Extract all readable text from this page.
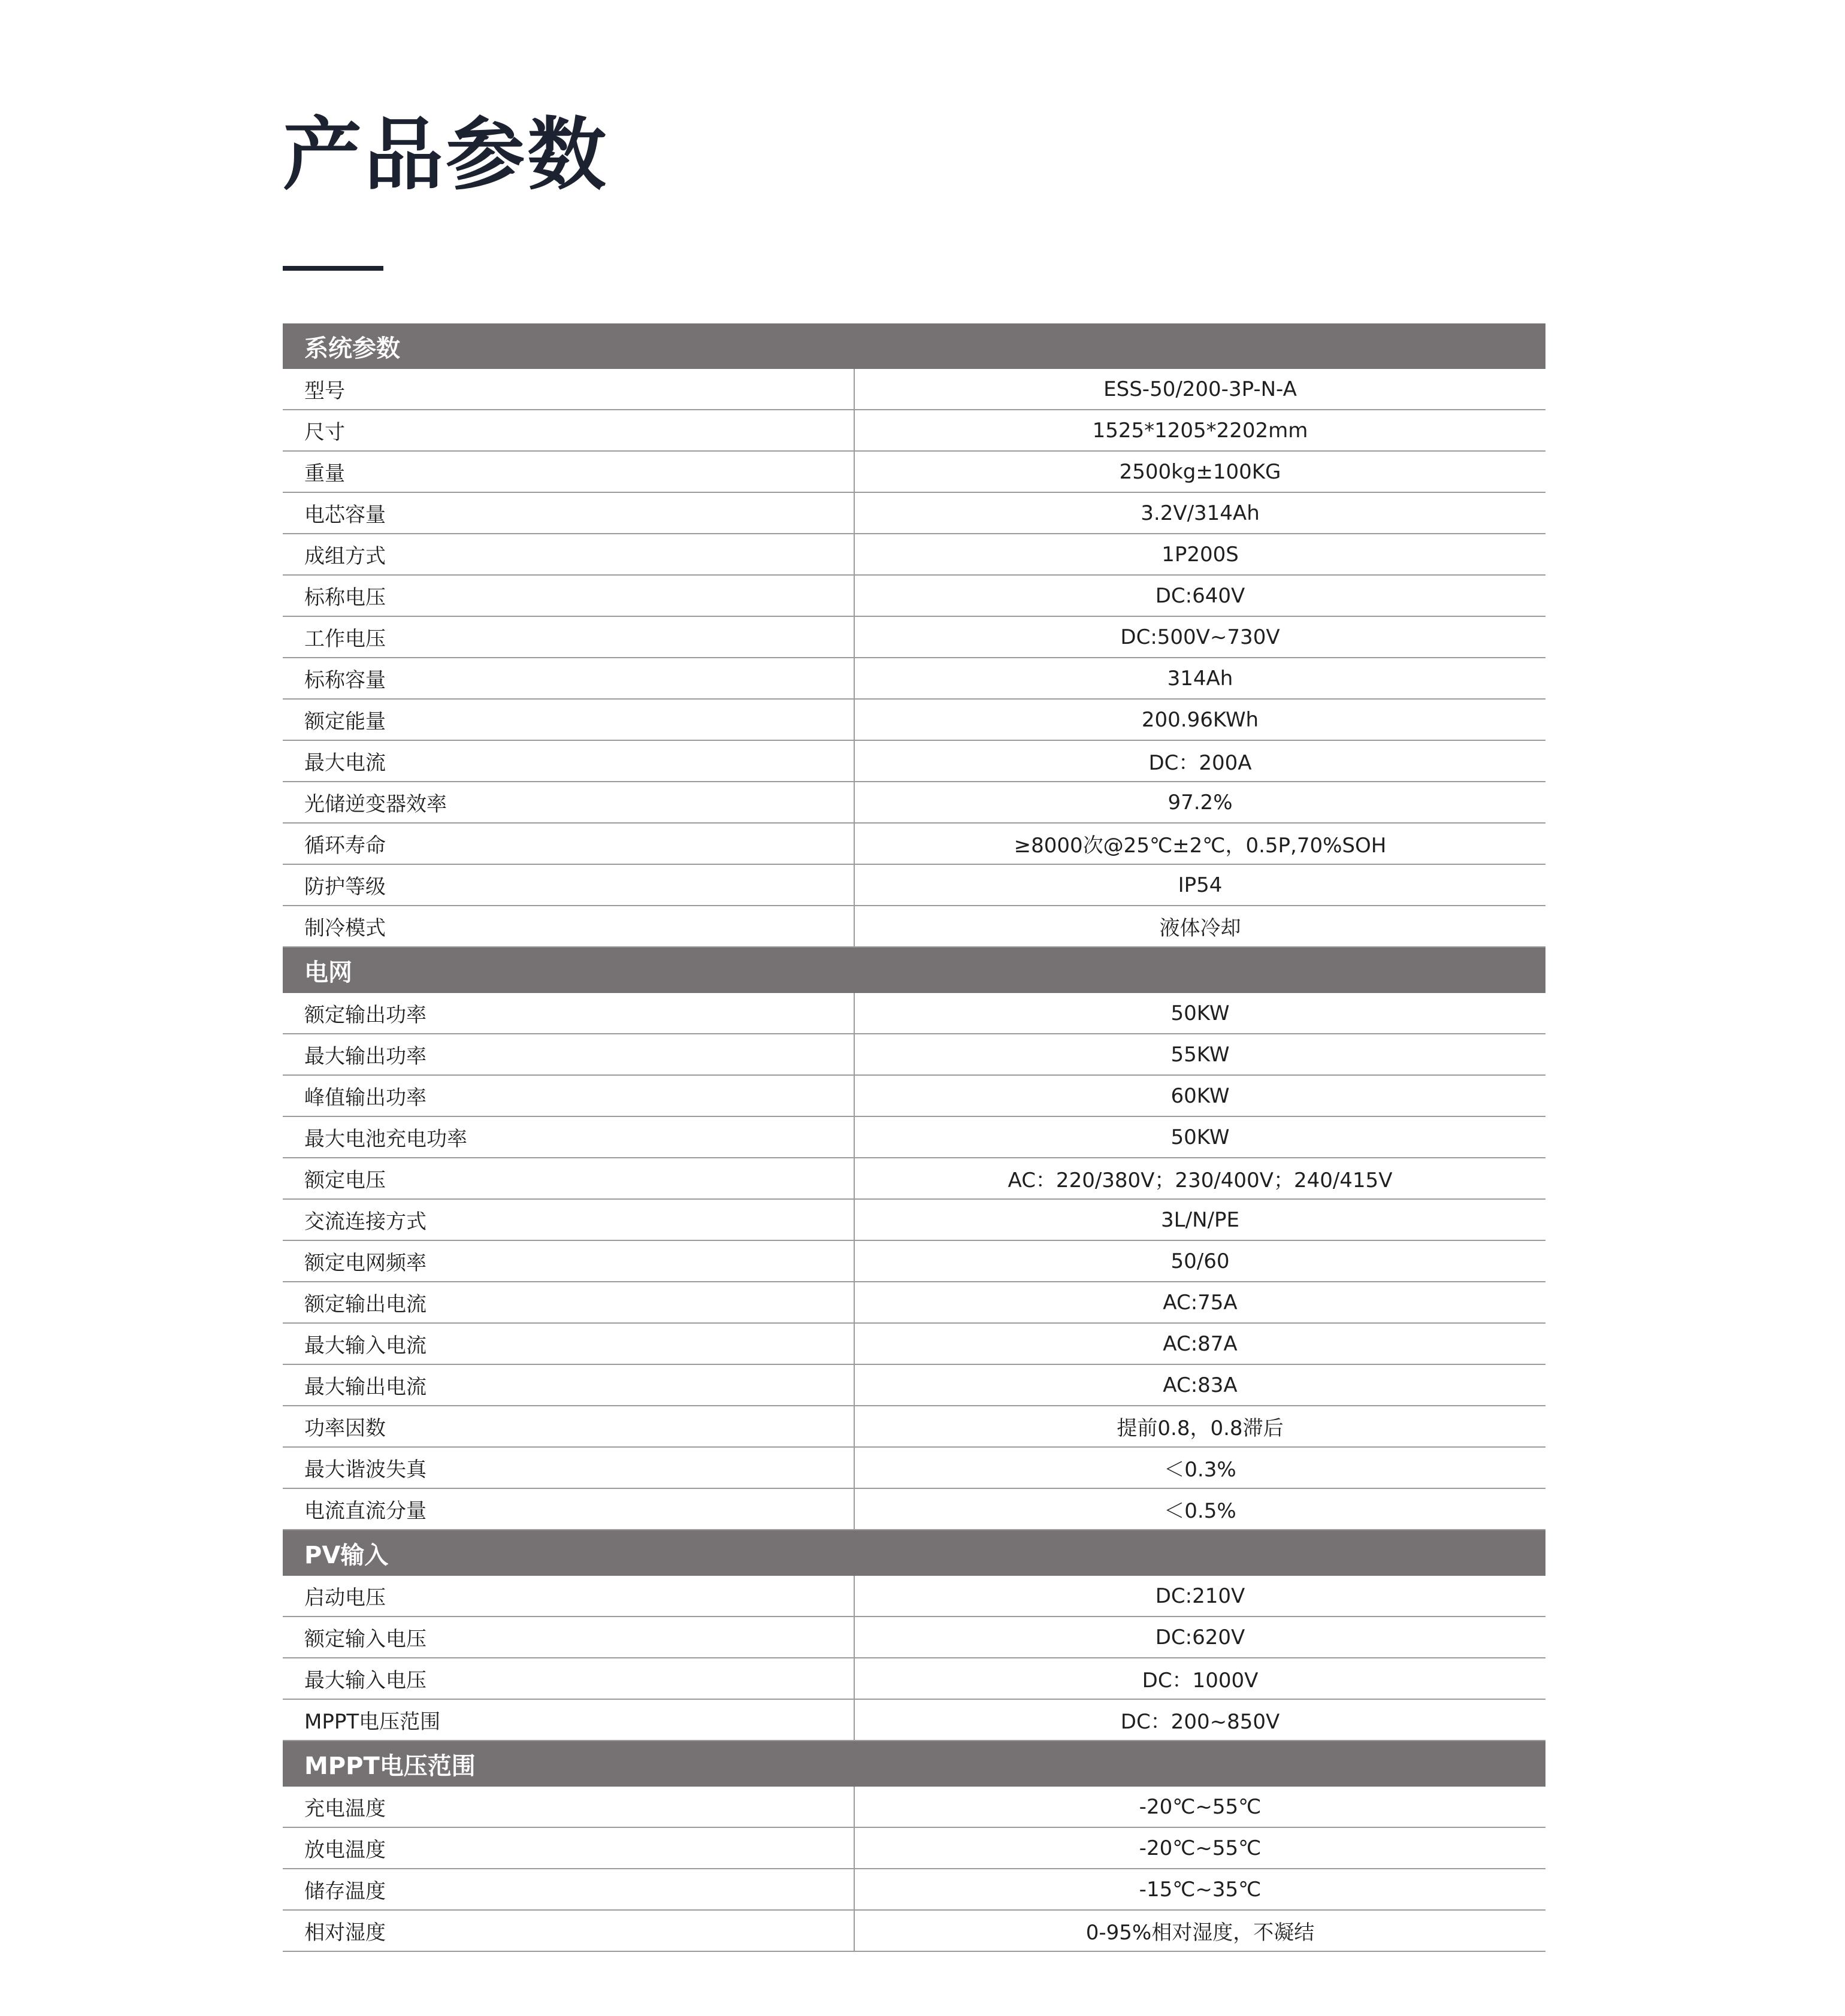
产品参数
系统参数	
型号	ESS-50/200-3P-N-A
尺寸	1525*1205*2202mm
重量	2500kg±100KG
电芯容量	3.2V/314Ah
成组方式	1P200S
标称电压	DC:640V
工作电压	DC:500V~730V
标称容量	314Ah
额定能量	200.96KWh
最大电流	DC：200A
光储逆变器效率	97.2%
循环寿命	≥8000次@25℃±2℃，0.5P,70%SOH
防护等级	IP54
制冷模式	液体冷却
电网	
额定输出功率	50KW
最大输出功率	55KW
峰值输出功率	60KW
最大电池充电功率	50KW
额定电压	AC：220/380V；230/400V；240/415V
交流连接方式	3L/N/PE
额定电网频率	50/60
额定输出电流	AC:75A
最大输入电流	AC:87A
最大输出电流	AC:83A
功率因数	提前0.8，0.8滞后
最大谐波失真	＜0.3%
电流直流分量	＜0.5%
PV输入	
启动电压	DC:210V
额定输入电压	DC:620V
最大输入电压	DC：1000V
MPPT电压范围	DC：200~850V
MPPT电压范围	
充电温度	-20℃~55℃
放电温度	-20℃~55℃
储存温度	-15℃~35℃
相对湿度	0-95%相对湿度，不凝结
